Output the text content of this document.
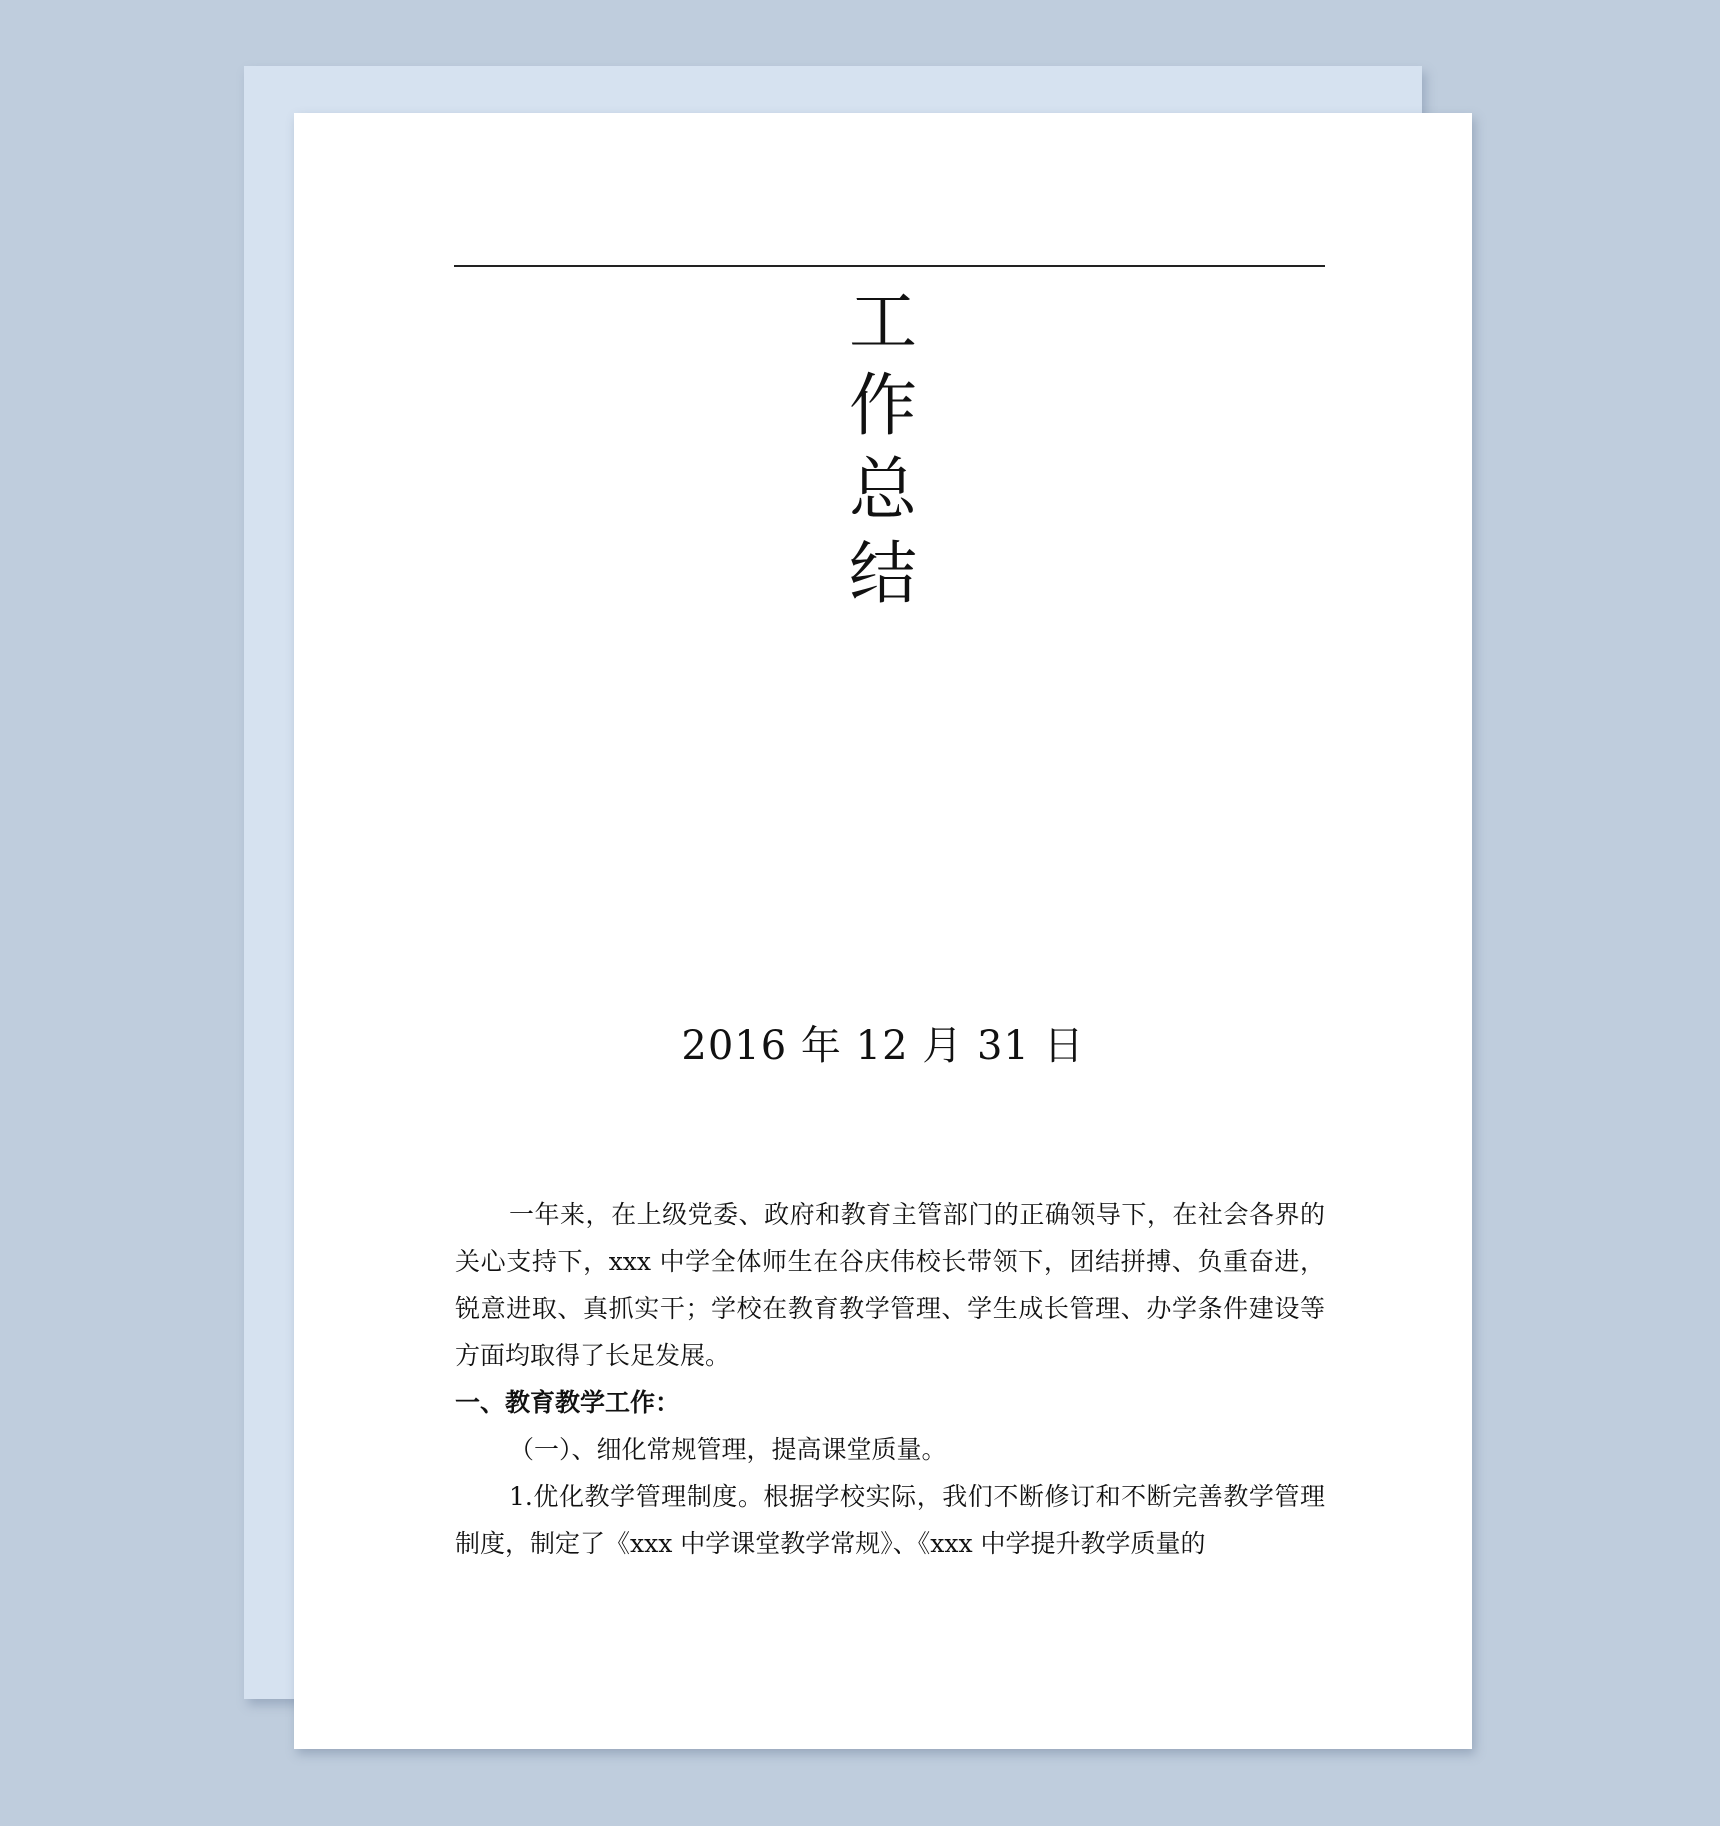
工
作
总
结
2016 年 12 月 31 日

一年来，在上级党委、政府和教育主管部门的正确领导下，在社会各界的关心支持下，xxx 中学全体师生在谷庆伟校长带领下，团结拼搏、负重奋进，锐意进取、真抓实干；学校在教育教学管理、学生成长管理、办学条件建设等方面均取得了长足发展。

一、教育教学工作：

（一）、细化常规管理，提高课堂质量。

1.优化教学管理制度。根据学校实际，我们不断修订和不断完善教学管理制度，制定了《xxx 中学课堂教学常规》、《xxx 中学提升教学质量的
